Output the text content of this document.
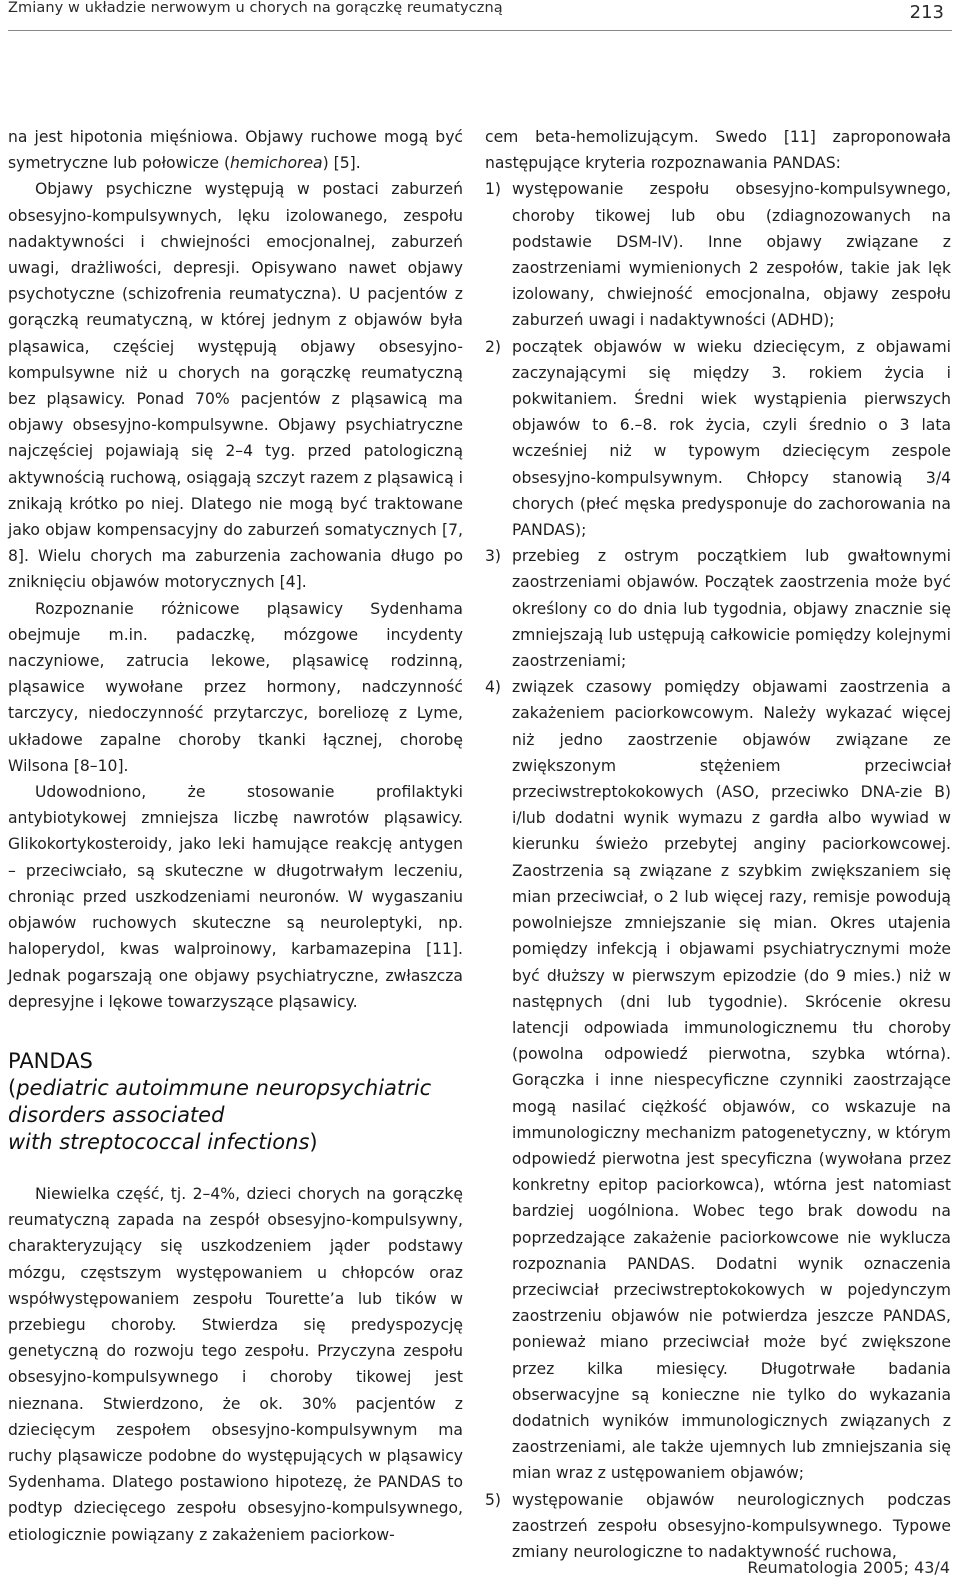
Zmiany w układzie nerwowym u chorych na gorączkę reumatyczną	213

na jest hipotonia mięśniowa. Objawy ruchowe mogą być symetryczne lub połowicze (hemichorea) [5].

Objawy psychiczne występują w postaci zaburzeń obsesyjno-kompulsywnych, lęku izolowanego, zespołu nadaktywności i chwiejności emocjonalnej, zaburzeń uwagi, drażliwości, depresji. Opisywano nawet objawy psychotyczne (schizofrenia reumatyczna). U pacjentów z gorączką reumatyczną, w której jednym z objawów była pląsawica, częściej występują objawy obsesyjno-kompulsywne niż u chorych na gorączkę reumatyczną bez pląsawicy. Ponad 70% pacjentów z pląsawicą ma objawy obsesyjno-kompulsywne. Objawy psychiatryczne najczęściej pojawiają się 2–4 tyg. przed patologiczną aktywnością ruchową, osiągają szczyt razem z pląsawicą i znikają krótko po niej. Dlatego nie mogą być traktowane jako objaw kompensacyjny do zaburzeń somatycznych [7, 8]. Wielu chorych ma zaburzenia zachowania długo po zniknięciu objawów motorycznych [4].

Rozpoznanie różnicowe pląsawicy Sydenhama obejmuje m.in. padaczkę, mózgowe incydenty naczyniowe, zatrucia lekowe, pląsawicę rodzinną, pląsawice wywołane przez hormony, nadczynność tarczycy, niedoczynność przytarczyc, boreliozę z Lyme, układowe zapalne choroby tkanki łącznej, chorobę Wilsona [8–10].

Udowodniono, że stosowanie profilaktyki antybiotykowej zmniejsza liczbę nawrotów pląsawicy. Glikokortykosteroidy, jako leki hamujące reakcję antygen – przeciwciało, są skuteczne w długotrwałym leczeniu, chroniąc przed uszkodzeniami neuronów. W wygaszaniu objawów ruchowych skuteczne są neuroleptyki, np. haloperydol, kwas walproinowy, karbamazepina [11]. Jednak pogarszają one objawy psychiatryczne, zwłaszcza depresyjne i lękowe towarzyszące pląsawicy.

PANDAS
(pediatric autoimmune neuropsychiatric
disorders associated
with streptococcal infections)

Niewielka część, tj. 2–4%, dzieci chorych na gorączkę reumatyczną zapada na zespół obsesyjno-kompulsywny, charakteryzujący się uszkodzeniem jąder podstawy mózgu, częstszym występowaniem u chłopców oraz współwystępowaniem zespołu Tourette’a lub tików w przebiegu choroby. Stwierdza się predyspozycję genetyczną do rozwoju tego zespołu. Przyczyna zespołu obsesyjno-kompulsywnego i choroby tikowej jest nieznana. Stwierdzono, że ok. 30% pacjentów z dziecięcym zespołem obsesyjno-kompulsywnym ma ruchy pląsawicze podobne do występujących w pląsawicy Sydenhama. Dlatego postawiono hipotezę, że PANDAS to podtyp dziecięcego zespołu obsesyjno-kompulsywnego, etiologicznie powiązany z zakażeniem paciorkow-

cem beta-hemolizującym. Swedo [11] zaproponowała następujące kryteria rozpoznawania PANDAS:

1) występowanie zespołu obsesyjno-kompulsywnego, choroby tikowej lub obu (zdiagnozowanych na podstawie DSM-IV). Inne objawy związane z zaostrzeniami wymienionych 2 zespołów, takie jak lęk izolowany, chwiejność emocjonalna, objawy zespołu zaburzeń uwagi i nadaktywności (ADHD);
2) początek objawów w wieku dziecięcym, z objawami zaczynającymi się między 3. rokiem życia i pokwitaniem. Średni wiek wystąpienia pierwszych objawów to 6.–8. rok życia, czyli średnio o 3 lata wcześniej niż w typowym dziecięcym zespole obsesyjno-kompulsywnym. Chłopcy stanowią 3/4 chorych (płeć męska predysponuje do zachorowania na PANDAS);
3) przebieg z ostrym początkiem lub gwałtownymi zaostrzeniami objawów. Początek zaostrzenia może być określony co do dnia lub tygodnia, objawy znacznie się zmniejszają lub ustępują całkowicie pomiędzy kolejnymi zaostrzeniami;
4) związek czasowy pomiędzy objawami zaostrzenia a zakażeniem paciorkowcowym. Należy wykazać więcej niż jedno zaostrzenie objawów związane ze zwiększonym stężeniem przeciwciał przeciwstreptokokowych (ASO, przeciwko DNA-zie B) i/lub dodatni wynik wymazu z gardła albo wywiad w kierunku świeżo przebytej anginy paciorkowcowej. Zaostrzenia są związane z szybkim zwiększaniem się mian przeciwciał, o 2 lub więcej razy, remisje powodują powolniejsze zmniejszanie się mian. Okres utajenia pomiędzy infekcją i objawami psychiatrycznymi może być dłuższy w pierwszym epizodzie (do 9 mies.) niż w następnych (dni lub tygodnie). Skrócenie okresu latencji odpowiada immunologicznemu tłu choroby (powolna odpowiedź pierwotna, szybka wtórna). Gorączka i inne niespecyficzne czynniki zaostrzające mogą nasilać ciężkość objawów, co wskazuje na immunologiczny mechanizm patogenetyczny, w którym odpowiedź pierwotna jest specyficzna (wywołana przez konkretny epitop paciorkowca), wtórna jest natomiast bardziej uogólniona. Wobec tego brak dowodu na poprzedzające zakażenie paciorkowcowe nie wyklucza rozpoznania PANDAS. Dodatni wynik oznaczenia przeciwciał przeciwstreptokokowych w pojedynczym zaostrzeniu objawów nie potwierdza jeszcze PANDAS, ponieważ miano przeciwciał może być zwiększone przez kilka miesięcy. Długotrwałe badania obserwacyjne są konieczne nie tylko do wykazania dodatnich wyników immunologicznych związanych z zaostrzeniami, ale także ujemnych lub zmniejszania się mian wraz z ustępowaniem objawów;
5) występowanie objawów neurologicznych podczas zaostrzeń zespołu obsesyjno-kompulsywnego. Typowe zmiany neurologiczne to nadaktywność ruchowa,
Reumatologia 2005; 43/4
